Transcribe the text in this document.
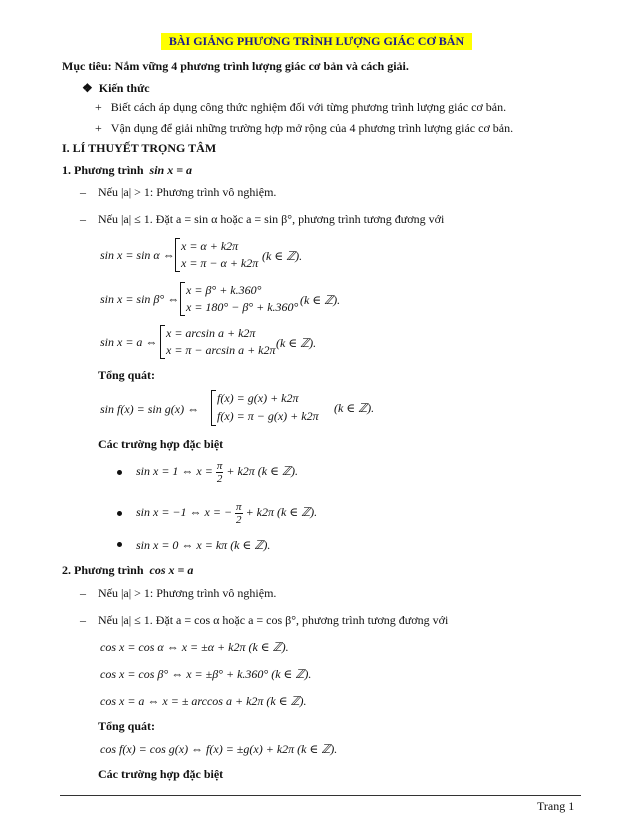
BÀI GIẢNG PHƯƠNG TRÌNH LƯỢNG GIÁC CƠ BẢN
Mục tiêu: Nắm vững 4 phương trình lượng giác cơ bản và cách giải.
❖ Kiến thức
+   Biết cách áp dụng công thức nghiệm đối với từng phương trình lượng giác cơ bản.
+   Vận dụng để giải những trường hợp mở rộng của 4 phương trình lượng giác cơ bản.
I. LÍ THUYẾT TRỌNG TÂM
1. Phương trình sin x = a
– Nếu |a| > 1: Phương trình vô nghiệm.
– Nếu |a| ≤ 1. Đặt a = sin α hoặc a = sin β°, phương trình tương đương với
sin x = sin α ⇔
x = α + k2π
x = π − α + k2π (k ∈ ℤ).
sin x = sin β° ⇔
x = β° + k.360°
x = 180° − β° + k.360° (k ∈ ℤ).
sin x = a ⇔
x = arcsin a + k2π
x = π − arcsin a + k2π (k ∈ ℤ).
Tổng quát:
sin f(x) = sin g(x) ⇔
f(x) = g(x) + k2π
f(x) = π − g(x) + k2π
(k ∈ ℤ).
Các trường hợp đặc biệt
sin x = 1 ⇔ $x = \frac{\pi}{2} + k2\pi$ (k ∈ ℤ).
sin x = −1 ⇔ x = − $\frac{\pi}{2} + k2\pi$ (k ∈ ℤ).
sin x = 0 ⇔ x = kπ (k ∈ ℤ).
2. Phương trình cos x = a
– Nếu |a| > 1: Phương trình vô nghiệm.
– Nếu |a| ≤ 1. Đặt a = cos α hoặc a = cos β°, phương trình tương đương với
cos x = cos α ⇔ x = ±α + k2π (k ∈ ℤ).
cos x = cos β° ⇔ x = ±β° + k.360° (k ∈ ℤ).
cos x = a ⇔ x = ± arccos a + k2π (k ∈ ℤ).
Tổng quát:
cos f(x) = cos g(x) ⇔ f(x) = ±g(x) + k2π (k ∈ ℤ).
Các trường hợp đặc biệt
Trang 1
